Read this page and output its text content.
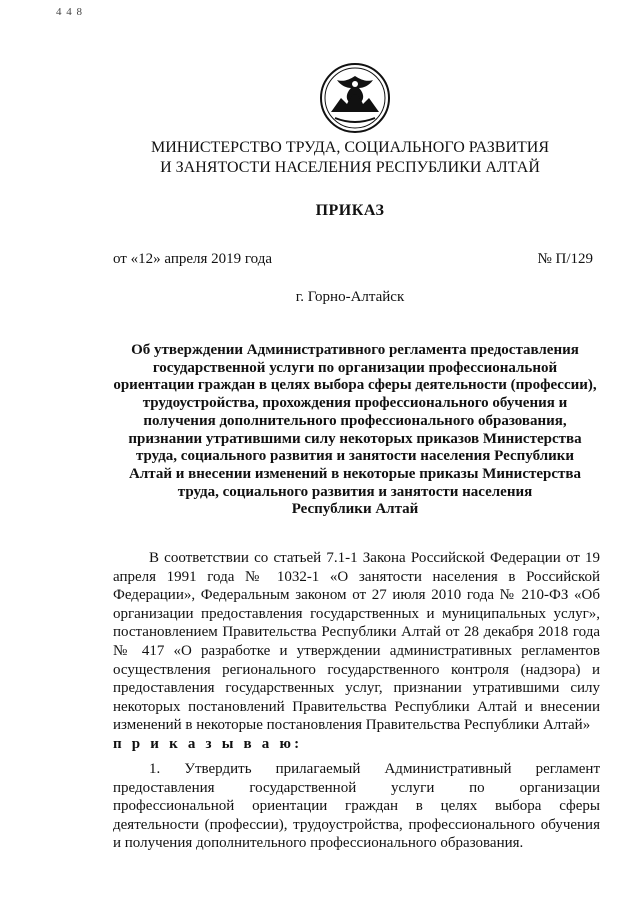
4 4 8
МИНИСТЕРСТВО ТРУДА, СОЦИАЛЬНОГО РАЗВИТИЯ
И ЗАНЯТОСТИ НАСЕЛЕНИЯ РЕСПУБЛИКИ АЛТАЙ
ПРИКАЗ
от «12» апреля 2019 года	№ П/129
г. Горно-Алтайск
Об утверждении Административного регламента предоставления
государственной услуги по организации профессиональной
ориентации граждан в целях выбора сферы деятельности (профессии),
трудоустройства, прохождения профессионального обучения и
получения дополнительного профессионального образования,
признании утратившими силу некоторых приказов Министерства
труда, социального развития и занятости населения Республики
Алтай и внесении изменений в некоторые приказы Министерства
труда, социального развития и занятости населения
Республики Алтай

В соответствии со статьей 7.1-1 Закона Российской Федерации от 19 апреля 1991 года № 1032-1 «О занятости населения в Российской Федерации», Федеральным законом от 27 июля 2010 года № 210-ФЗ «Об организации предоставления государственных и муниципальных услуг», постановлением Правительства Республики Алтай от 28 декабря 2018 года № 417 «О разработке и утверждении административных регламентов осуществления регионального государственного контроля (надзора) и предоставления государственных услуг, признании утратившими силу некоторых постановлений Правительства Республики Алтай и внесении изменений в некоторые постановления Правительства Республики Алтай»

п р и к а з ы в а ю:

1. Утвердить прилагаемый Административный регламент предоставления государственной услуги по организации профессиональной ориентации граждан в целях выбора сферы деятельности (профессии), трудоустройства, профессионального обучения и получения дополнительного профессионального образования.
